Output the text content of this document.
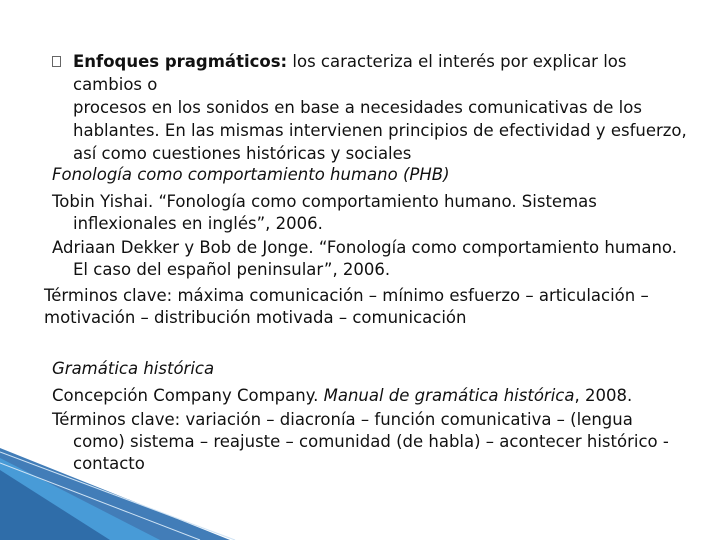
Enfoques pragmáticos: los caracteriza el interés por explicar los cambios o
procesos en los sonidos en base a necesidades comunicativas de los
hablantes. En las mismas intervienen principios de efectividad y esfuerzo,
así como cuestiones históricas y sociales
Fonología como comportamiento humano (PHB)
Tobin Yishai. “Fonología como comportamiento humano. Sistemas
inflexionales en inglés”, 2006.
Adriaan Dekker y Bob de Jonge. “Fonología como comportamiento humano.
El caso del español peninsular”, 2006.
Términos clave: máxima comunicación – mínimo esfuerzo – articulación –
motivación – distribución motivada – comunicación
Gramática histórica
Concepción Company Company. Manual de gramática histórica, 2008.
Términos clave: variación – diacronía – función comunicativa – (lengua
como) sistema – reajuste – comunidad (de habla) – acontecer histórico -
contacto
